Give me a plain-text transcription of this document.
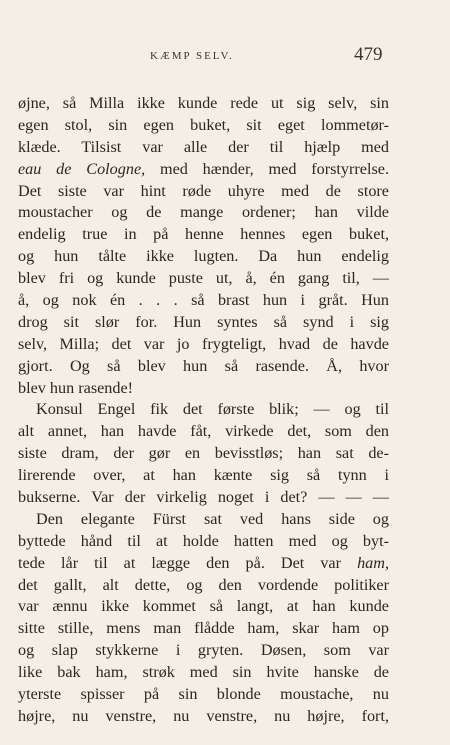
KÆMP SELV.	479
øjne, så Milla ikke kunde rede ut sig selv, sin
egen stol, sin egen buket, sit eget lommetør-
klæde. Tilsist var alle der til hjælp med
eau de Cologne, med hænder, med forstyrrelse.
Det siste var hint røde uhyre med de store
moustacher og de mange ordener; han vilde
endelig true in på henne hennes egen buket,
og hun tålte ikke lugten. Da hun endelig
blev fri og kunde puste ut, å, én gang til, —
å, og nok én . . . så brast hun i gråt. Hun
drog sit slør for. Hun syntes så synd i sig
selv, Milla; det var jo frygteligt, hvad de havde
gjort. Og så blev hun så rasende. Å, hvor
blev hun rasende!
Konsul Engel fik det første blik; — og til
alt annet, han havde fåt, virkede det, som den
siste dram, der gør en bevisstløs; han sat de-
lirerende over, at han kænte sig så tynn i
bukserne. Var der virkelig noget i det? — — —
Den elegante Fürst sat ved hans side og
byttede hånd til at holde hatten med og byt-
tede lår til at lægge den på. Det var ham,
det gallt, alt dette, og den vordende politiker
var ænnu ikke kommet så langt, at han kunde
sitte stille, mens man flådde ham, skar ham op
og slap stykkerne i gryten. Døsen, som var
like bak ham, strøk med sin hvite hanske de
yterste spisser på sin blonde moustache, nu
højre, nu venstre, nu venstre, nu højre, fort,
